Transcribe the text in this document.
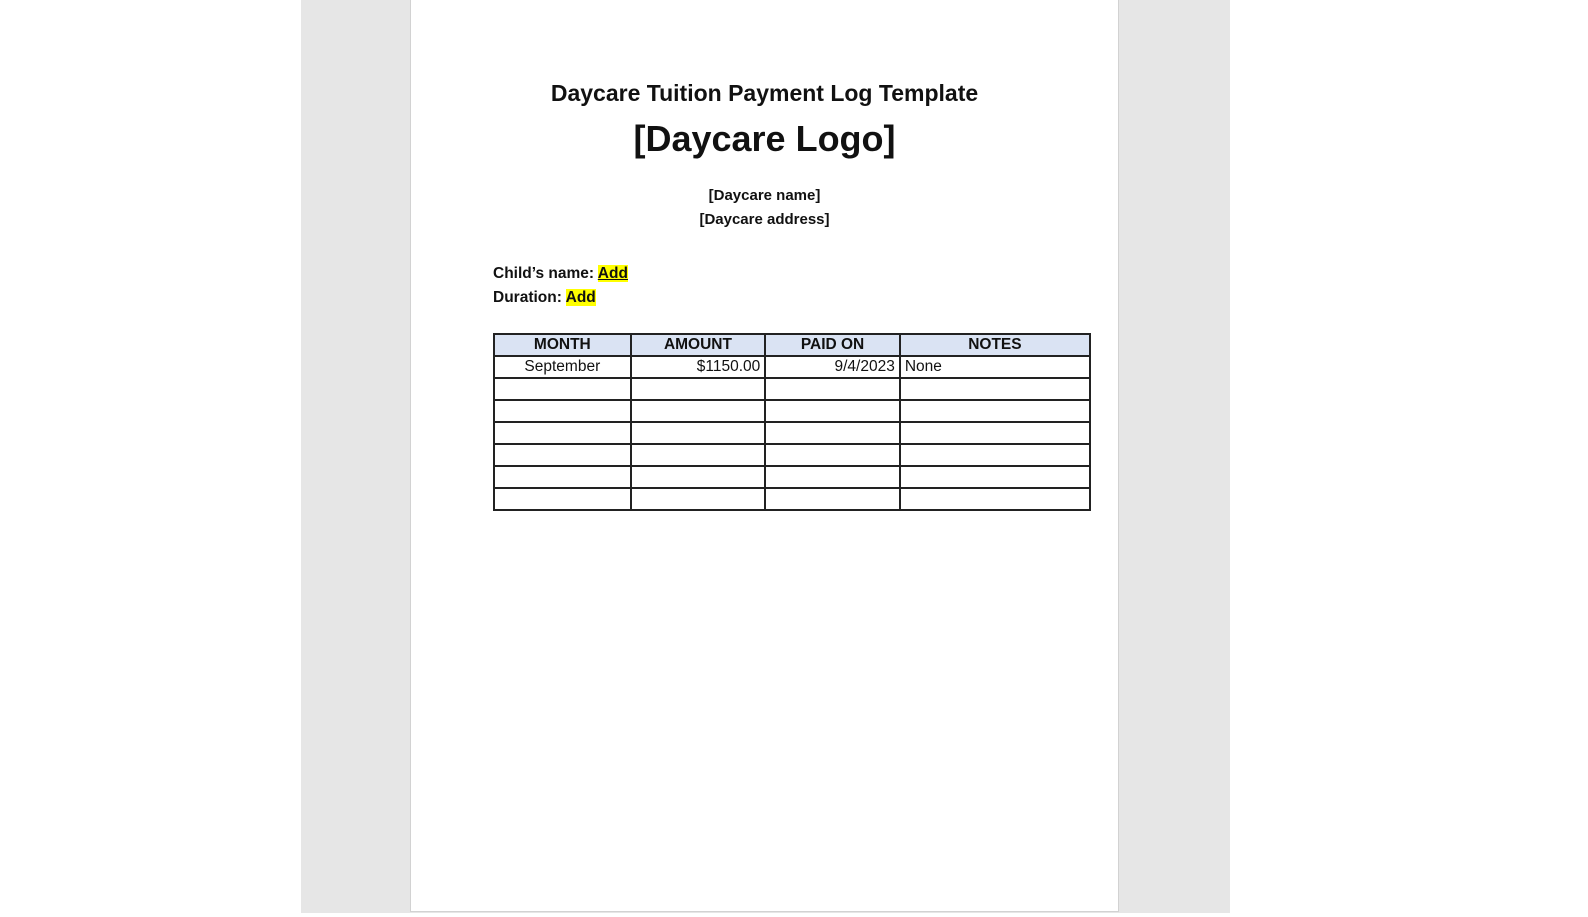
Daycare Tuition Payment Log Template
[Daycare Logo]
[Daycare name]
[Daycare address]
Child’s name: Add
Duration: Add
MONTH	AMOUNT	PAID ON	NOTES
September	$1150.00	9/4/2023	None
